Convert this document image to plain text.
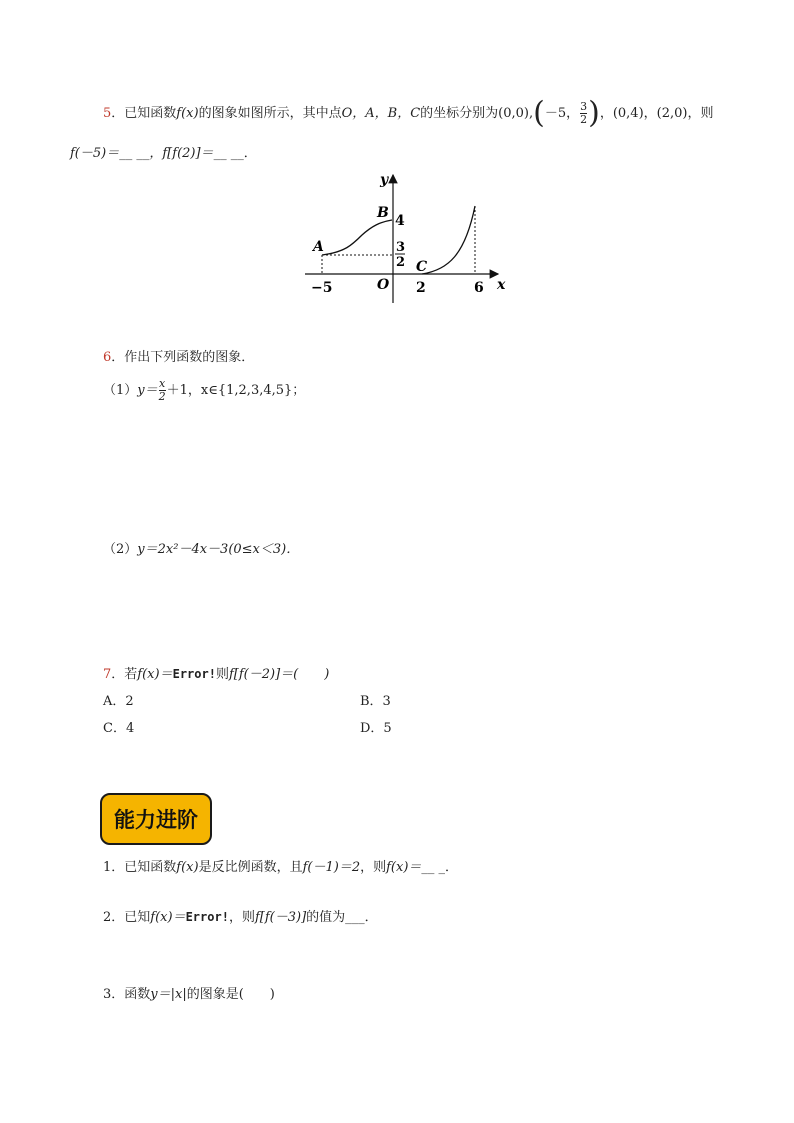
5．已知函数f(x)的图象如图所示，其中点O，A，B，C的坐标分别为(0,0),(－5， $\frac{3}{2}$ )，(0,4)，(2,0)，则
f(－5)＝__ __，f[f(2)]＝__ __．
y
x
A
B
C
O
4
3
2
−5	2	6
6．作出下列函数的图象．
$(1)y= \frac{x}{2} +1$，x∈{1,2,3,4,5}；
（2）y＝2x²－4x－3(0≤x＜3)．
7．若f(x)＝Error!则f[f(－2)]＝(　　)
A．2	B．3
C．4	D．5
能力进阶
1．已知函数f(x)是反比例函数，且f(－1)＝2，则f(x)＝__ _．
2．已知f(x)＝Error!，则f[f(－3)]的值为___．
3．函数y＝|x|的图象是(　　)
